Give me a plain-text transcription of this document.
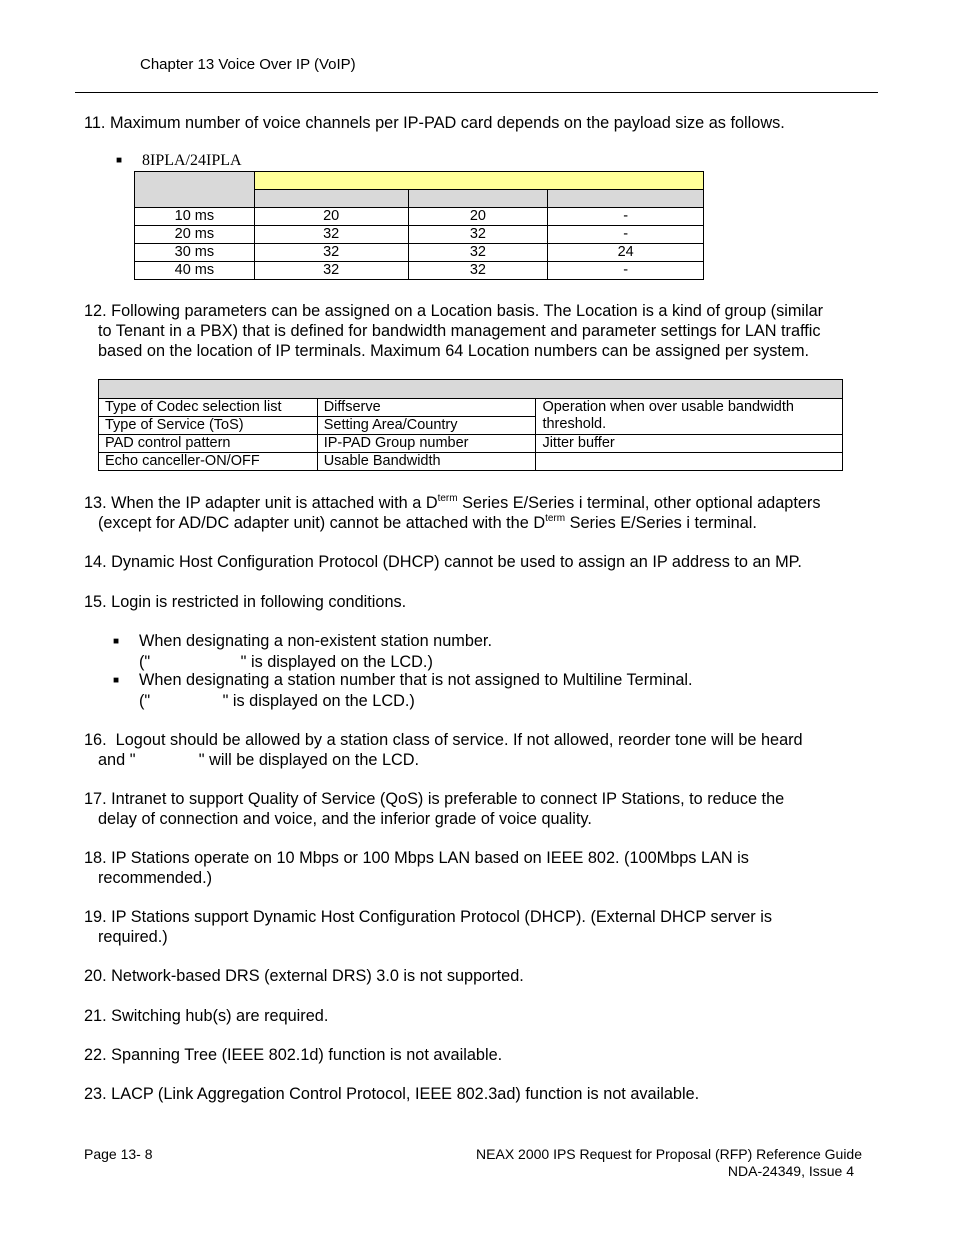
Chapter 13 Voice Over IP (VoIP)
11. Maximum number of voice channels per IP-PAD card depends on the payload size as follows.
■ 8IPLA/24IPLA

10 ms	20	20	-
20 ms	32	32	-
30 ms	32	32	24
40 ms	32	32	-
12. Following parameters can be assigned on a Location basis. The Location is a kind of group (similar
to Tenant in a PBX) that is defined for bandwidth management and parameter settings for LAN traffic
based on the location of IP terminals. Maximum 64 Location numbers can be assigned per system.

Type of Codec selection list	Diffserve	Operation when over usable bandwidth threshold.
Type of Service (ToS)	Setting Area/Country	
PAD control pattern	IP-PAD Group number	Jitter buffer
Echo canceller-ON/OFF	Usable Bandwidth	
13. When the IP adapter unit is attached with a $D^{term}$ Series E/Series i terminal, other optional adapters
(except for AD/DC adapter unit) cannot be attached with the $D^{term}$ Series E/Series i terminal.
14. Dynamic Host Configuration Protocol (DHCP) cannot be used to assign an IP address to an MP.
15. Login is restricted in following conditions.
■ When designating a non-existent station number.
("                    " is displayed on the LCD.)
■ When designating a station number that is not assigned to Multiline Terminal.
("                " is displayed on the LCD.)
16.  Logout should be allowed by a station class of service. If not allowed, reorder tone will be heard
and "              " will be displayed on the LCD.
17. Intranet to support Quality of Service (QoS) is preferable to connect IP Stations, to reduce the
delay of connection and voice, and the inferior grade of voice quality.
18. IP Stations operate on 10 Mbps or 100 Mbps LAN based on IEEE 802. (100Mbps LAN is
recommended.)
19. IP Stations support Dynamic Host Configuration Protocol (DHCP). (External DHCP server is
required.)
20. Network-based DRS (external DRS) 3.0 is not supported.
21. Switching hub(s) are required.
22. Spanning Tree (IEEE 802.1d) function is not available.
23. LACP (Link Aggregation Control Protocol, IEEE 802.3ad) function is not available.
Page 13- 8	NEAX 2000 IPS Request for Proposal (RFP) Reference Guide
NDA-24349, Issue 4
